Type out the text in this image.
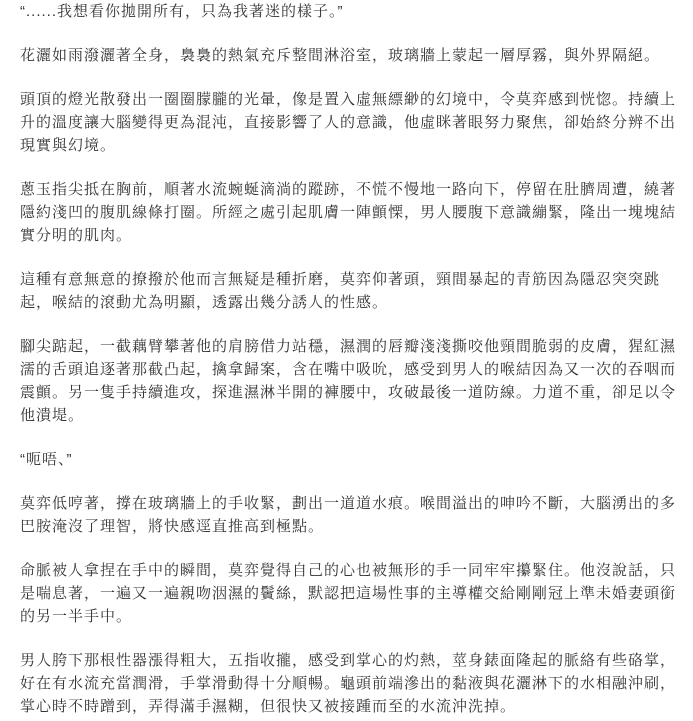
“......我想看你拋開所有，只為我著迷的樣子。”

花灑如雨潑灑著全身，裊裊的熱氣充斥整間淋浴室，玻璃牆上蒙起一層厚霧，與外界隔絕。

頭頂的燈光散發出一圈圈朦朧的光暈，像是置入虛無縹緲的幻境中，令莫弈感到恍惚。持續上升的溫度讓大腦變得更為混沌，直接影響了人的意識，他虛眯著眼努力聚焦，卻始終分辨不出現實與幻境。

蔥玉指尖抵在胸前，順著水流蜿蜒滴淌的蹤跡，不慌不慢地一路向下，停留在肚臍周遭，繞著隱約淺凹的腹肌線條打圈。所經之處引起肌膚一陣顫慄，男人腰腹下意識繃緊，隆出一塊塊結實分明的肌肉。

這種有意無意的撩撥於他而言無疑是種折磨，莫弈仰著頭，頸間暴起的青筋因為隱忍突突跳起，喉結的滾動尤為明顯，透露出幾分誘人的性感。

腳尖踮起，一截藕臂攀著他的肩膀借力站穩，濕潤的唇瓣淺淺撕咬他頸間脆弱的皮膚，猩紅濕濡的舌頭追逐著那截凸起，擒拿歸案，含在嘴中吸吮，感受到男人的喉結因為又一次的吞咽而震顫。另一隻手持續進攻，探進濕淋半開的褲腰中，攻破最後一道防線。力道不重，卻足以令他潰堤。

“呃唔、”

莫弈低哼著，撐在玻璃牆上的手收緊，劃出一道道水痕。喉間溢出的呻吟不斷，大腦湧出的多巴胺淹沒了理智，將快感逕直推高到極點。

命脈被人拿捏在手中的瞬間，莫弈覺得自己的心也被無形的手一同牢牢攥緊住。他沒說話，只是喘息著，一遍又一遍親吻洇濕的鬢絲，默認把這場性事的主導權交給剛剛冠上準未婚妻頭銜的另一半手中。

男人胯下那根性器漲得粗大，五指收攏，感受到掌心的灼熱，莖身錶面隆起的脈絡有些硌掌，好在有水流充當潤滑，手掌滑動得十分順暢。龜頭前端滲出的黏液與花灑淋下的水相融沖刷，掌心時不時蹭到，弄得滿手濕糊，但很快又被接踵而至的水流沖洗掉。
